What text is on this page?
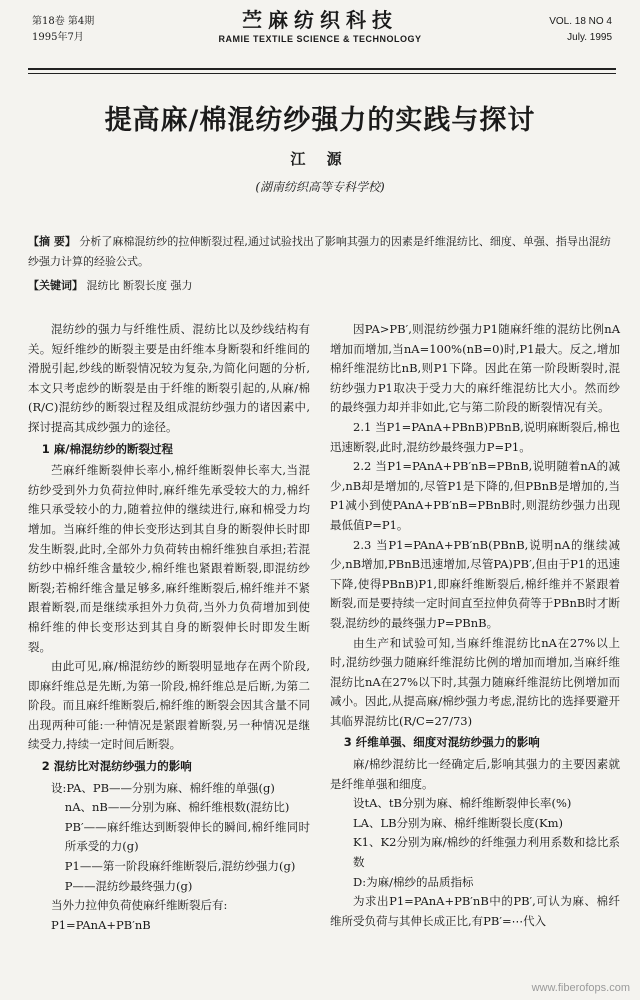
第18卷 第4期
1995年7月
苎麻纺织科技
RAMIE TEXTILE SCIENCE & TECHNOLOGY
VOL. 18 NO 4
July. 1995
提高麻/棉混纺纱强力的实践与探讨
江 源
(湖南纺织高等专科学校)
【摘 要】 分析了麻棉混纺纱的拉伸断裂过程,通过试验找出了影响其强力的因素是纤维混纺比、细度、单强、指导出混纺纱强力计算的经验公式。
【关键词】 混纺比 断裂长度 强力

混纺纱的强力与纤维性质、混纺比以及纱线结构有关。短纤维纱的断裂主要是由纤维本身断裂和纤维间的滑脱引起,纱线的断裂情况较为复杂,为简化问题的分析,本文只考虑纱的断裂是由于纤维的断裂引起的,从麻/棉(R/C)混纺纱的断裂过程及组成混纺纱强力的诸因素中,探讨提高其成纱强力的途径。

1 麻/棉混纺纱的断裂过程

苎麻纤维断裂伸长率小,棉纤维断裂伸长率大,当混纺纱受到外力负荷拉伸时,麻纤维先承受较大的力,棉纤维只承受较小的力,随着拉伸的继续进行,麻和棉受力均增加。当麻纤维的伸长变形达到其自身的断裂伸长时即发生断裂,此时,全部外力负荷转由棉纤维独自承担;若混纺纱中棉纤维含量较少,棉纤维也紧跟着断裂,即混纺纱断裂;若棉纤维含量足够多,麻纤维断裂后,棉纤维并不紧跟着断裂,而是继续承担外力负荷,当外力负荷增加到使棉纤维的伸长变形达到其自身的断裂伸长时即发生断裂。

由此可见,麻/棉混纺纱的断裂明显地存在两个阶段,即麻纤维总是先断,为第一阶段,棉纤维总是后断,为第二阶段。而且麻纤维断裂后,棉纤维的断裂会因其含量不同出现两种可能:一种情况是紧跟着断裂,另一种情况是继续受力,持续一定时间后断裂。

2 混纺比对混纺纱强力的影响

设:PA、PB——分别为麻、棉纤维的单强(g)

nA、nB——分别为麻、棉纤维根数(混纺比)

PB′——麻纤维达到断裂伸长的瞬间,棉纤维同时所承受的力(g)

P1——第一阶段麻纤维断裂后,混纺纱强力(g)

P——混纺纱最终强力(g)

当外力拉伸负荷使麻纤维断裂后有:

P1=PAnA+PB′nB

因PA>PB′,则混纺纱强力P1随麻纤维的混纺比例nA增加而增加,当nA=100%(nB=0)时,P1最大。反之,增加棉纤维混纺比nB,则P1下降。因此在第一阶段断裂时,混纺纱强力P1取决于受力大的麻纤维混纺比大小。然而纱的最终强力却并非如此,它与第二阶段的断裂情况有关。

2.1 当P1=PAnA+PBnB)PBnB,说明麻断裂后,棉也迅速断裂,此时,混纺纱最终强力P=P1。

2.2 当P1=PAnA+PB′nB=PBnB,说明随着nA的减少,nB却是增加的,尽管P1是下降的,但PBnB是增加的,当P1减小到使PAnA+PB′nB=PBnB时,则混纺纱强力出现最低值P=P1。

2.3 当P1=PAnA+PB′nB(PBnB,说明nA的继续减少,nB增加,PBnB迅速增加,尽管PA)PB′,但由于P1的迅速下降,使得PBnB)P1,即麻纤维断裂后,棉纤维并不紧跟着断裂,而是要持续一定时间直至拉伸负荷等于PBnB时才断裂,混纺纱的最终强力P=PBnB。

由生产和试验可知,当麻纤维混纺比nA在27%以上时,混纺纱强力随麻纤维混纺比例的增加而增加,当麻纤维混纺比nA在27%以下时,其强力随麻纤维混纺比例增加而减小。因此,从提高麻/棉纱强力考虑,混纺比的选择要避开其临界混纺比(R/C=27/73)

3 纤维单强、细度对混纺纱强力的影响

麻/棉纱混纺比一经确定后,影响其强力的主要因素就是纤维单强和细度。

设tA、tB分别为麻、棉纤维断裂伸长率(%)

LA、LB分别为麻、棉纤维断裂长度(Km)

K1、K2分别为麻/棉纱的纤维强力利用系数和捻比系数

D:为麻/棉纱的品质指标

为求出P1=PAnA+PB′nB中的PB′,可认为麻、棉纤维所受负荷与其伸长成正比,有PB′=⋯代入

www.fiberofops.com
